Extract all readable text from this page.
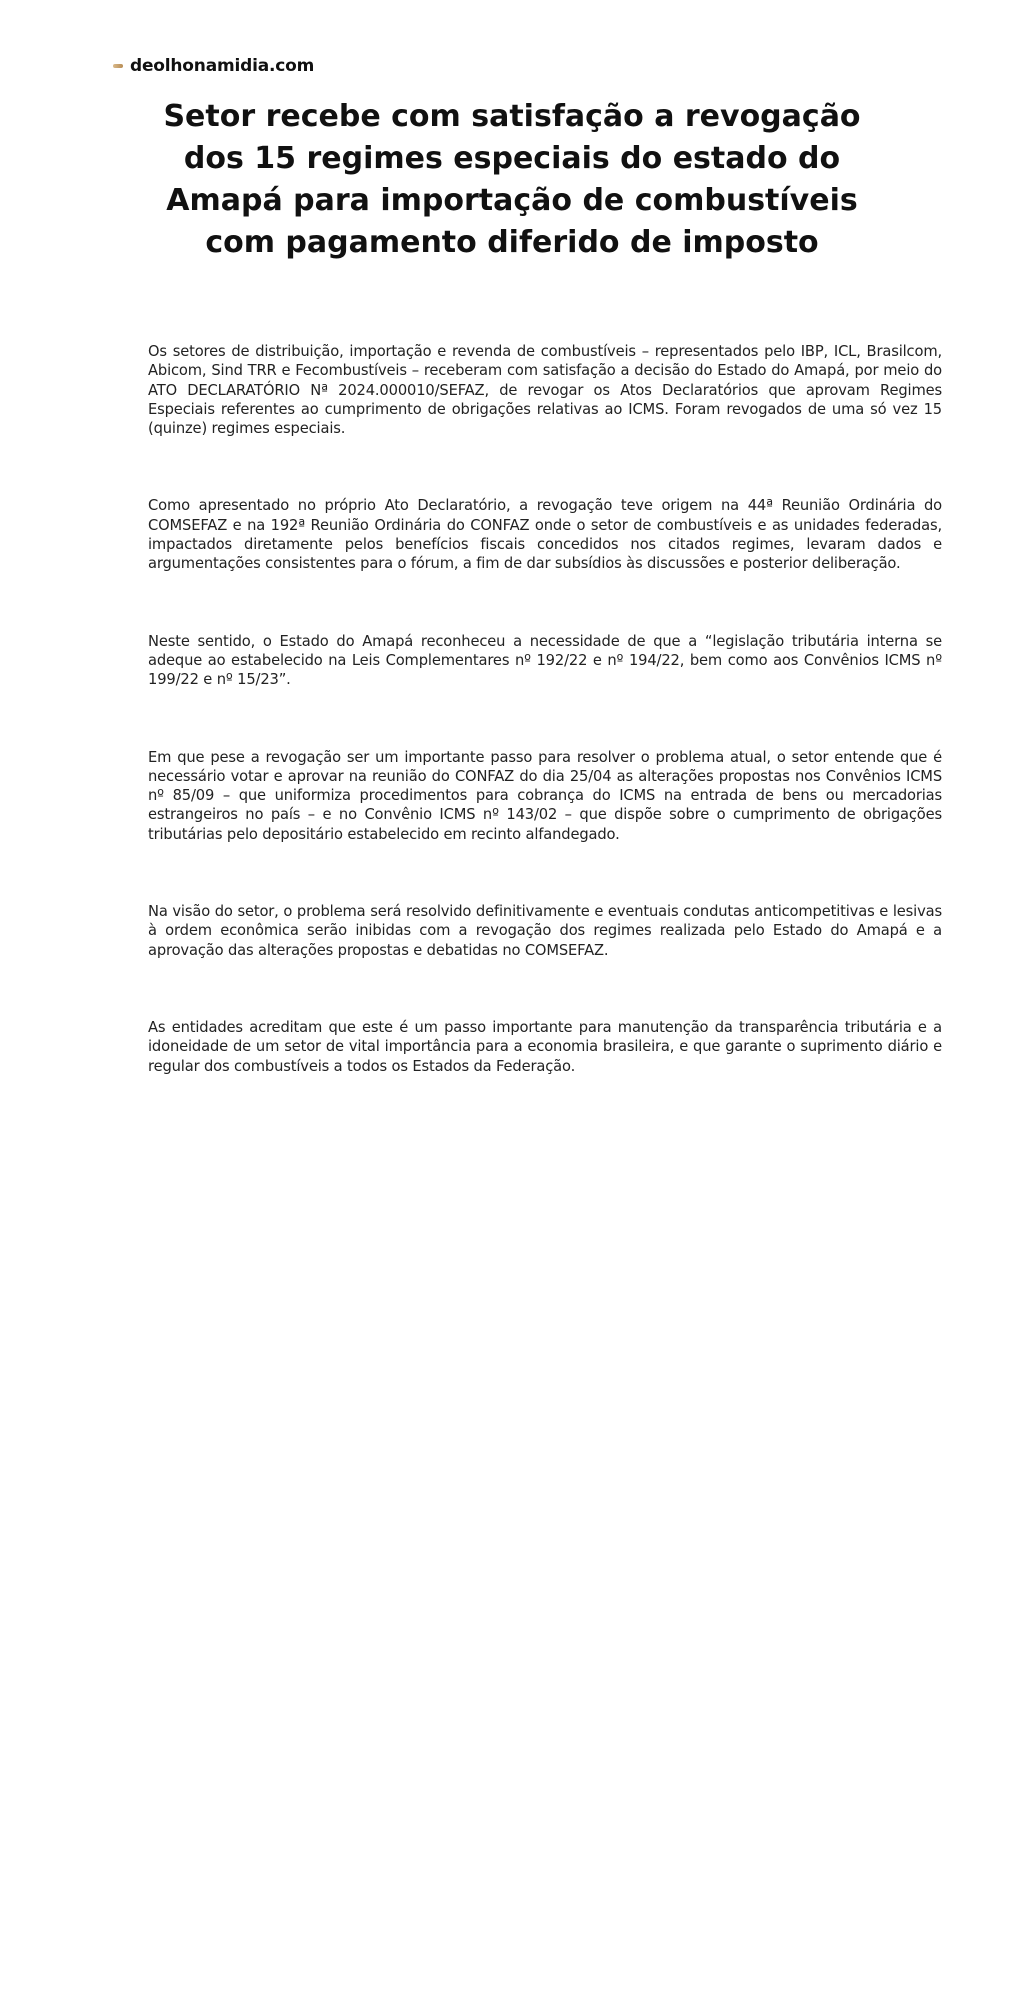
deolhonamidia.com
Setor recebe com satisfação a revogação dos 15 regimes especiais do estado do Amapá para importação de combustíveis com pagamento diferido de imposto

Os setores de distribuição, importação e revenda de combustíveis – representados pelo IBP, ICL, Brasilcom, Abicom, Sind TRR e Fecombustíveis – receberam com satisfação a decisão do Estado do Amapá, por meio do ATO DECLARATÓRIO Nª 2024.000010/SEFAZ, de revogar os Atos Declaratórios que aprovam Regimes Especiais referentes ao cumprimento de obrigações relativas ao ICMS. Foram revogados de uma só vez 15 (quinze) regimes especiais.

Como apresentado no próprio Ato Declaratório, a revogação teve origem na 44ª Reunião Ordinária do COMSEFAZ e na 192ª Reunião Ordinária do CONFAZ onde o setor de combustíveis e as unidades federadas, impactados diretamente pelos benefícios fiscais concedidos nos citados regimes, levaram dados e argumentações consistentes para o fórum, a fim de dar subsídios às discussões e posterior deliberação.

Neste sentido, o Estado do Amapá reconheceu a necessidade de que a “legislação tributária interna se adeque ao estabelecido na Leis Complementares nº 192/22 e nº 194/22, bem como aos Convênios ICMS nº 199/22 e nº 15/23”.

Em que pese a revogação ser um importante passo para resolver o problema atual, o setor entende que é necessário votar e aprovar na reunião do CONFAZ do dia 25/04 as alterações propostas nos Convênios ICMS nº 85/09 – que uniformiza procedimentos para cobrança do ICMS na entrada de bens ou mercadorias estrangeiros no país – e no Convênio ICMS nº 143/02 – que dispõe sobre o cumprimento de obrigações tributárias pelo depositário estabelecido em recinto alfandegado.

Na visão do setor, o problema será resolvido definitivamente e eventuais condutas anticompetitivas e lesivas à ordem econômica serão inibidas com a revogação dos regimes realizada pelo Estado do Amapá e a aprovação das alterações propostas e debatidas no COMSEFAZ.

As entidades acreditam que este é um passo importante para manutenção da transparência tributária e a idoneidade de um setor de vital importância para a economia brasileira, e que garante o suprimento diário e regular dos combustíveis a todos os Estados da Federação.
